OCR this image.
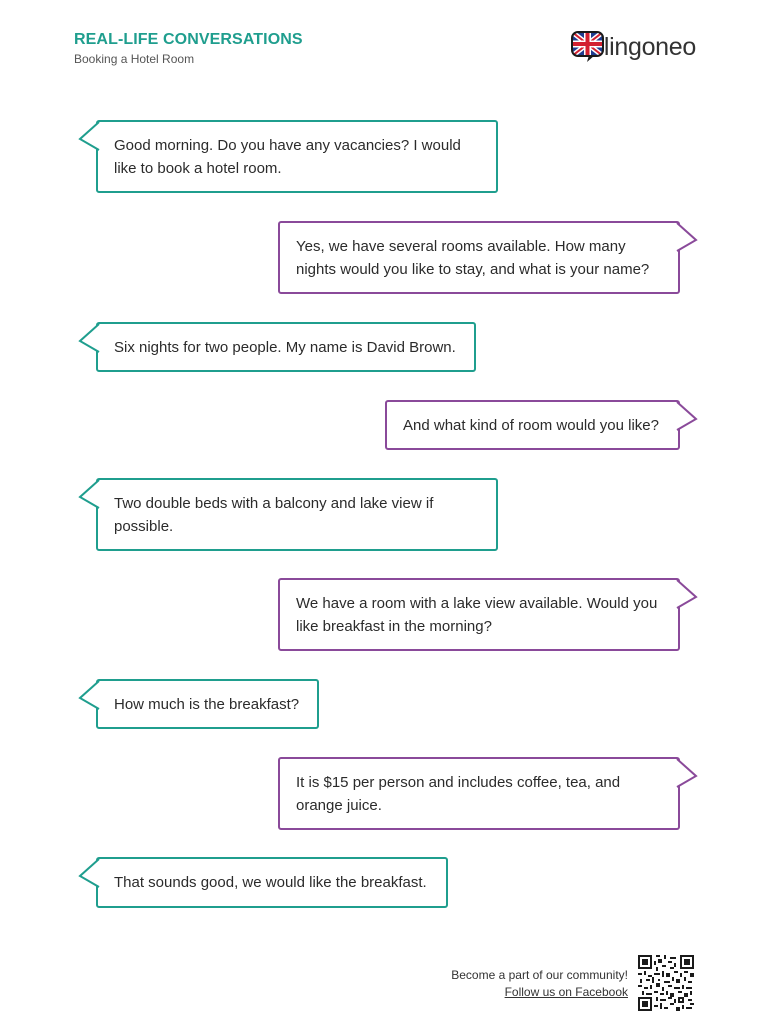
REAL-LIFE CONVERSATIONS
Booking a Hotel Room	lingoneo
Good morning. Do you have any vacancies? I would
like to book a hotel room.
Yes, we have several rooms available. How many
nights would you like to stay, and what is your name?
Six nights for two people. My name is David Brown.
And what kind of room would you like?
Two double beds with a balcony and lake view if
possible.
We have a room with a lake view available. Would you
like breakfast in the morning?
How much is the breakfast?
It is $15 per person and includes coffee, tea, and
orange juice.
That sounds good, we would like the breakfast.
Become a part of our community!
Follow us on Facebook
